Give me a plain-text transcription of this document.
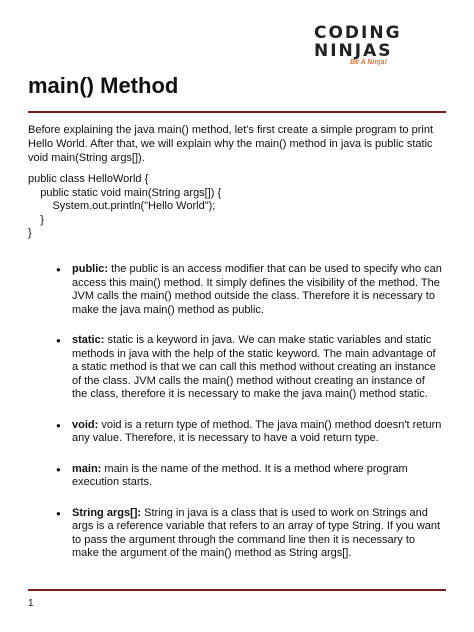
CODING
NINJAS
Be A Ninja!
main() Method

Before explaining the java main() method, let's first create a simple program to print Hello World. After that, we will explain why the main() method in java is public static void main(String args[]).

public class HelloWorld {
public static void main(String args[]) {
System.out.println("Hello World");
}
}
● public: the public is an access modifier that can be used to specify who can access this main() method. It simply defines the visibility of the method. The JVM calls the main() method outside the class. Therefore it is necessary to make the java main() method as public.
● static: static is a keyword in java. We can make static variables and static methods in java with the help of the static keyword. The main advantage of a static method is that we can call this method without creating an instance of the class. JVM calls the main() method without creating an instance of the class, therefore it is necessary to make the java main() method static.
● void: void is a return type of method. The java main() method doesn't return any value. Therefore, it is necessary to have a void return type.
● main: main is the name of the method. It is a method where program execution starts.
● String args[]: String in java is a class that is used to work on Strings and args is a reference variable that refers to an array of type String. If you want to pass the argument through the command line then it is necessary to make the argument of the main() method as String args[].
1
